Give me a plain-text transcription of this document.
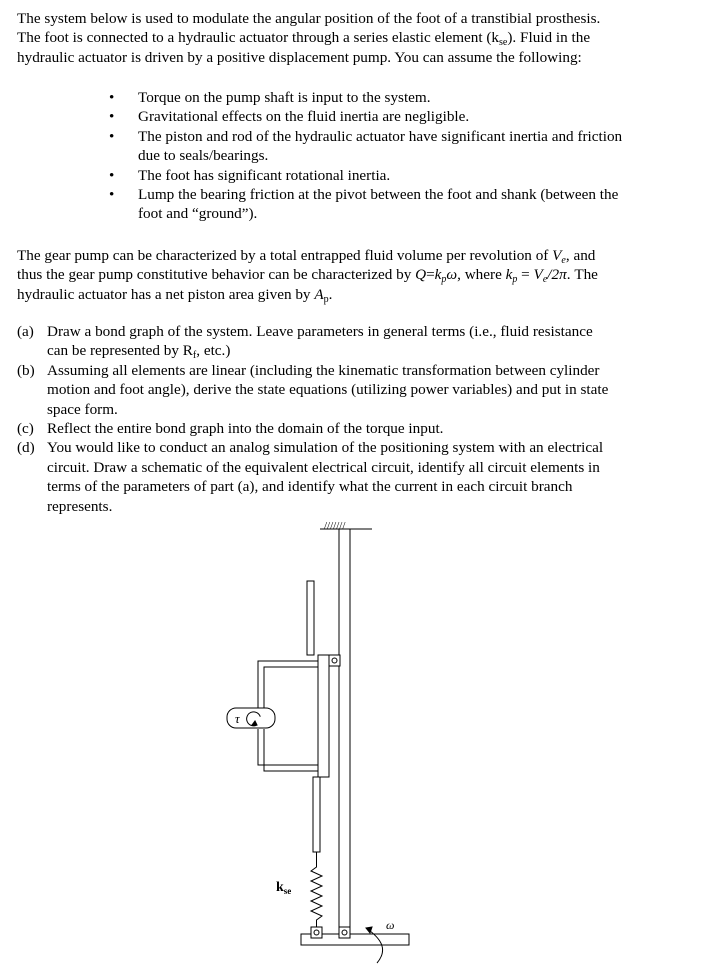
The system below is used to modulate the angular position of the foot of a transtibial prosthesis.
The foot is connected to a hydraulic actuator through a series elastic element $(k_{se})$. Fluid in the
hydraulic actuator is driven by a positive displacement pump. You can assume the following:
• Torque on the pump shaft is input to the system.
• Gravitational effects on the fluid inertia are negligible.
• The piston and rod of the hydraulic actuator have significant inertia and friction
due to seals/bearings.
• The foot has significant rotational inertia.
• Lump the bearing friction at the pivot between the foot and shank (between the
foot and “ground”).
The gear pump can be characterized by a total entrapped fluid volume per revolution of $V_e$, and
thus the gear pump constitutive behavior can be characterized by $Q=k_p\omega$, where $k_p = V_e/2\pi$. The
hydraulic actuator has a net piston area given by $A_p$.
(a) Draw a bond graph of the system. Leave parameters in general terms (i.e., fluid resistance
can be represented by $R_f$, etc.)
(b) Assuming all elements are linear (including the kinematic transformation between cylinder
motion and foot angle), derive the state equations (utilizing power variables) and put in state
space form.
(c) Reflect the entire bond graph into the domain of the torque input.
(d) You would like to conduct an analog simulation of the positioning system with an electrical
circuit. Draw a schematic of the equivalent electrical circuit, identify all circuit elements in
terms of the parameters of part (a), and identify what the current in each circuit branch
represents.
///////
τ
$k_{se}$
ω
